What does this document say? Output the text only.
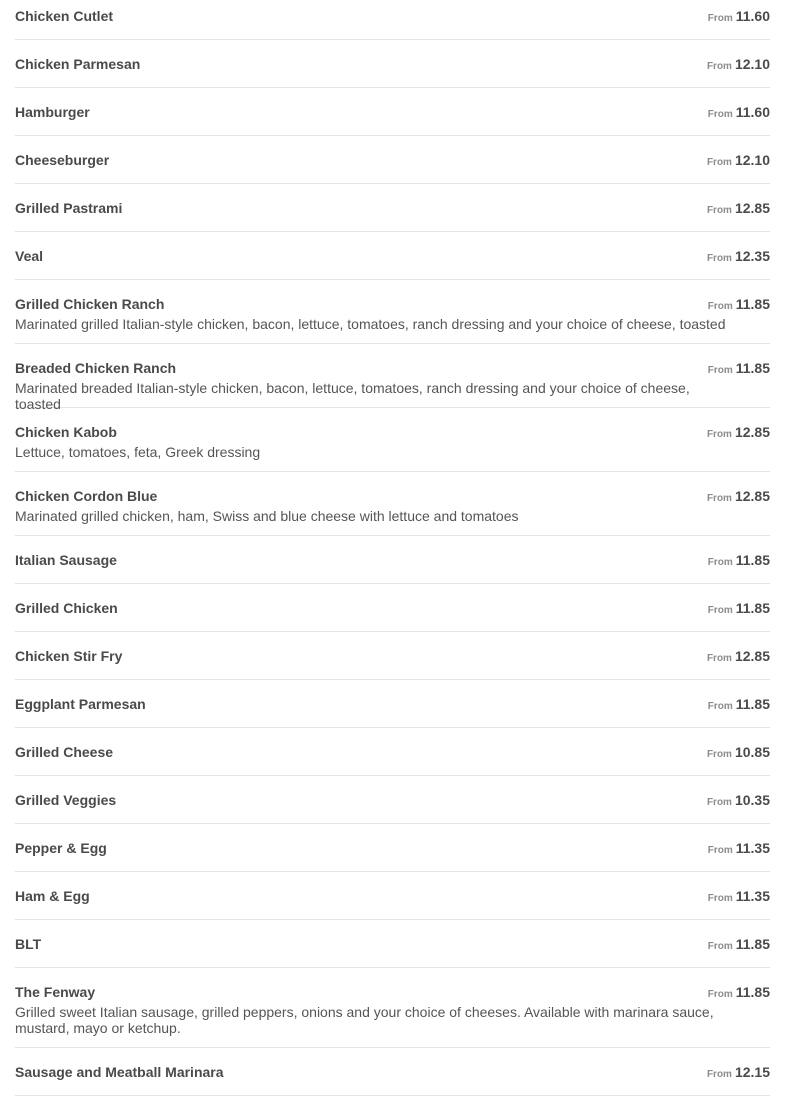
Chicken Cutlet	From 11.60
Chicken Parmesan	From 12.10
Hamburger	From 11.60
Cheeseburger	From 12.10
Grilled Pastrami	From 12.85
Veal	From 12.35
Grilled Chicken Ranch	From 11.85
Marinated grilled Italian-style chicken, bacon, lettuce, tomatoes, ranch dressing and your choice of cheese, toasted
Breaded Chicken Ranch	From 11.85
Marinated breaded Italian-style chicken, bacon, lettuce, tomatoes, ranch dressing and your choice of cheese, toasted
Chicken Kabob	From 12.85
Lettuce, tomatoes, feta, Greek dressing
Chicken Cordon Blue	From 12.85
Marinated grilled chicken, ham, Swiss and blue cheese with lettuce and tomatoes
Italian Sausage	From 11.85
Grilled Chicken	From 11.85
Chicken Stir Fry	From 12.85
Eggplant Parmesan	From 11.85
Grilled Cheese	From 10.85
Grilled Veggies	From 10.35
Pepper & Egg	From 11.35
Ham & Egg	From 11.35
BLT	From 11.85
The Fenway	From 11.85
Grilled sweet Italian sausage, grilled peppers, onions and your choice of cheeses. Available with marinara sauce, mustard, mayo or ketchup.
Sausage and Meatball Marinara	From 12.15
